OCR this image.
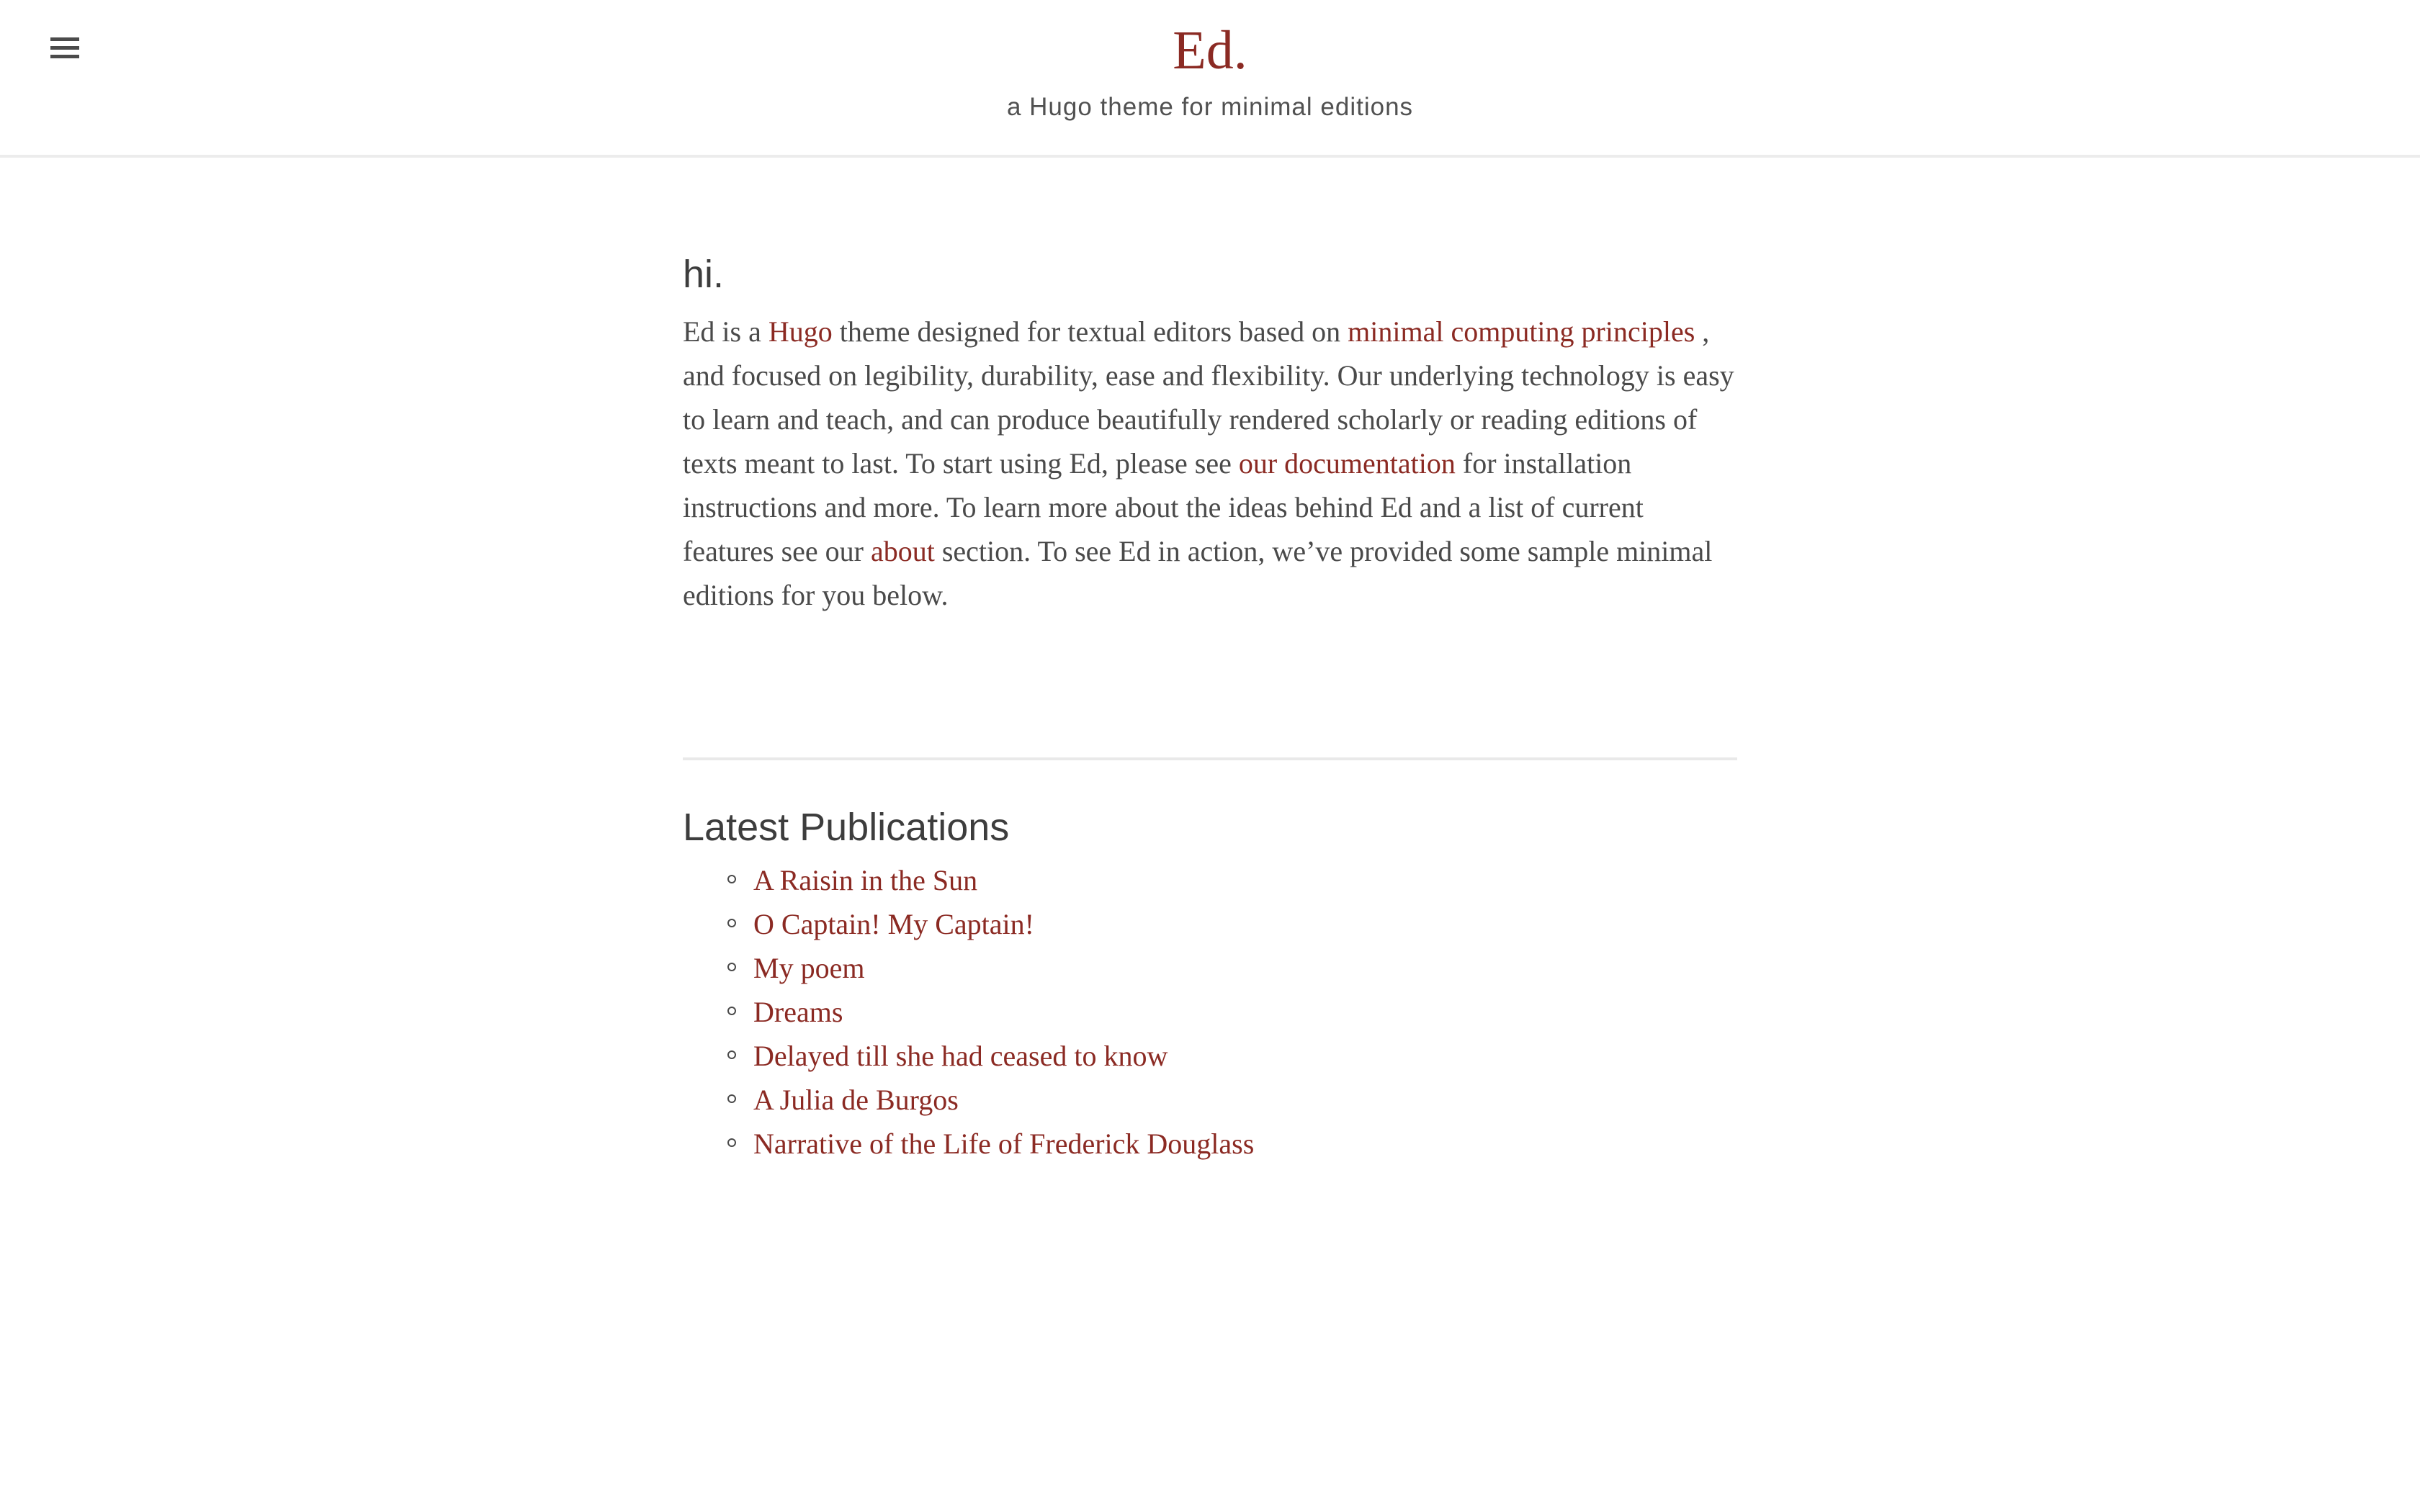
Ed.

a Hugo theme for minimal editions

hi.

Ed is a Hugo theme designed for textual editors based on minimal computing principles , and focused on legibility, durability, ease and flexibility. Our underlying technology is easy to learn and teach, and can produce beautifully rendered scholarly or reading editions of texts meant to last. To start using Ed, please see our documentation for installation instructions and more. To learn more about the ideas behind Ed and a list of current features see our about section. To see Ed in action, we’ve provided some sample minimal editions for you below.

Latest Publications
A Raisin in the Sun
O Captain! My Captain!
My poem
Dreams
Delayed till she had ceased to know
A Julia de Burgos
Narrative of the Life of Frederick Douglass
